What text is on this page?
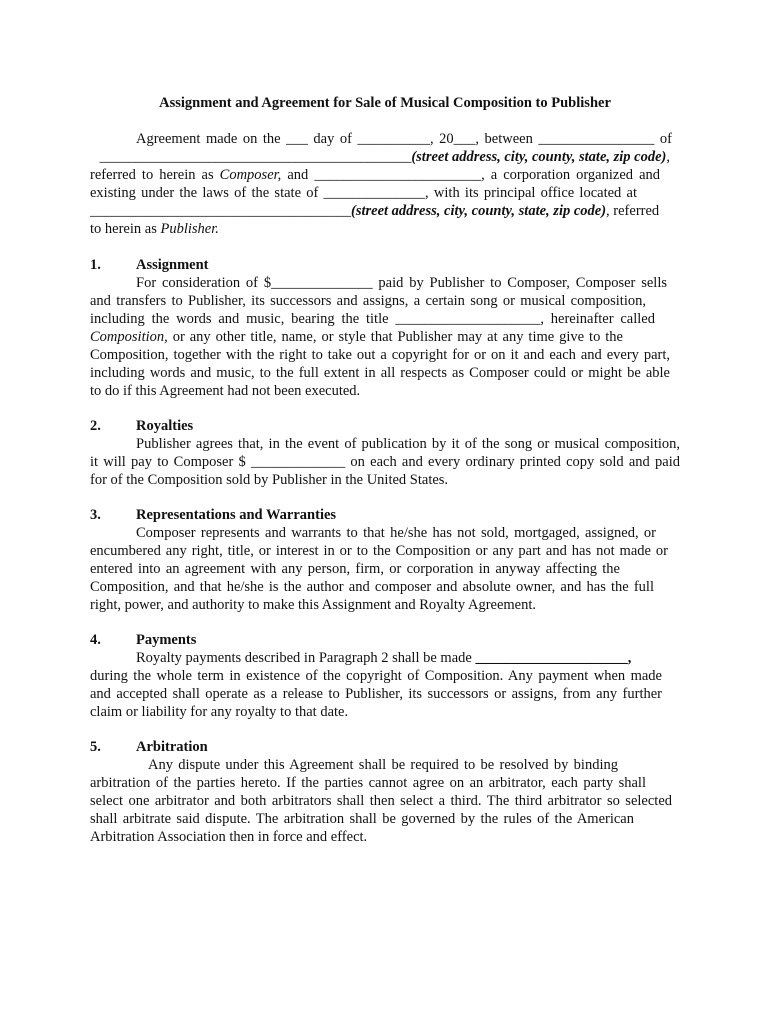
Assignment and Agreement for Sale of Musical Composition to Publisher
Agreement made on the ___ day of __________, 20___, between ________________ of
___________________________________________(street address, city, county, state, zip code),
referred to herein as Composer, and _______________________, a corporation organized and
existing under the laws of the state of ______________, with its principal office located at
____________________________________(street address, city, county, state, zip code), referred
to herein as Publisher.
1. Assignment
For consideration of $______________ paid by Publisher to Composer, Composer sells
and transfers to Publisher, its successors and assigns, a certain song or musical composition,
including the words and music, bearing the title ____________________, hereinafter called
Composition, or any other title, name, or style that Publisher may at any time give to the
Composition, together with the right to take out a copyright for or on it and each and every part,
including words and music, to the full extent in all respects as Composer could or might be able
to do if this Agreement had not been executed.
2. Royalties
Publisher agrees that, in the event of publication by it of the song or musical composition,
it will pay to Composer $ _____________ on each and every ordinary printed copy sold and paid
for of the Composition sold by Publisher in the United States.
3. Representations and Warranties
Composer represents and warrants to that he/she has not sold, mortgaged, assigned, or
encumbered any right, title, or interest in or to the Composition or any part and has not made or
entered into an agreement with any person, firm, or corporation in anyway affecting the
Composition, and that he/she is the author and composer and absolute owner, and has the full
right, power, and authority to make this Assignment and Royalty Agreement.
4. Payments
Royalty payments described in Paragraph 2 shall be made _____________________,
during the whole term in existence of the copyright of Composition. Any payment when made
and accepted shall operate as a release to Publisher, its successors or assigns, from any further
claim or liability for any royalty to that date.
5. Arbitration
Any dispute under this Agreement shall be required to be resolved by binding
arbitration of the parties hereto. If the parties cannot agree on an arbitrator, each party shall
select one arbitrator and both arbitrators shall then select a third. The third arbitrator so selected
shall arbitrate said dispute. The arbitration shall be governed by the rules of the American
Arbitration Association then in force and effect.
